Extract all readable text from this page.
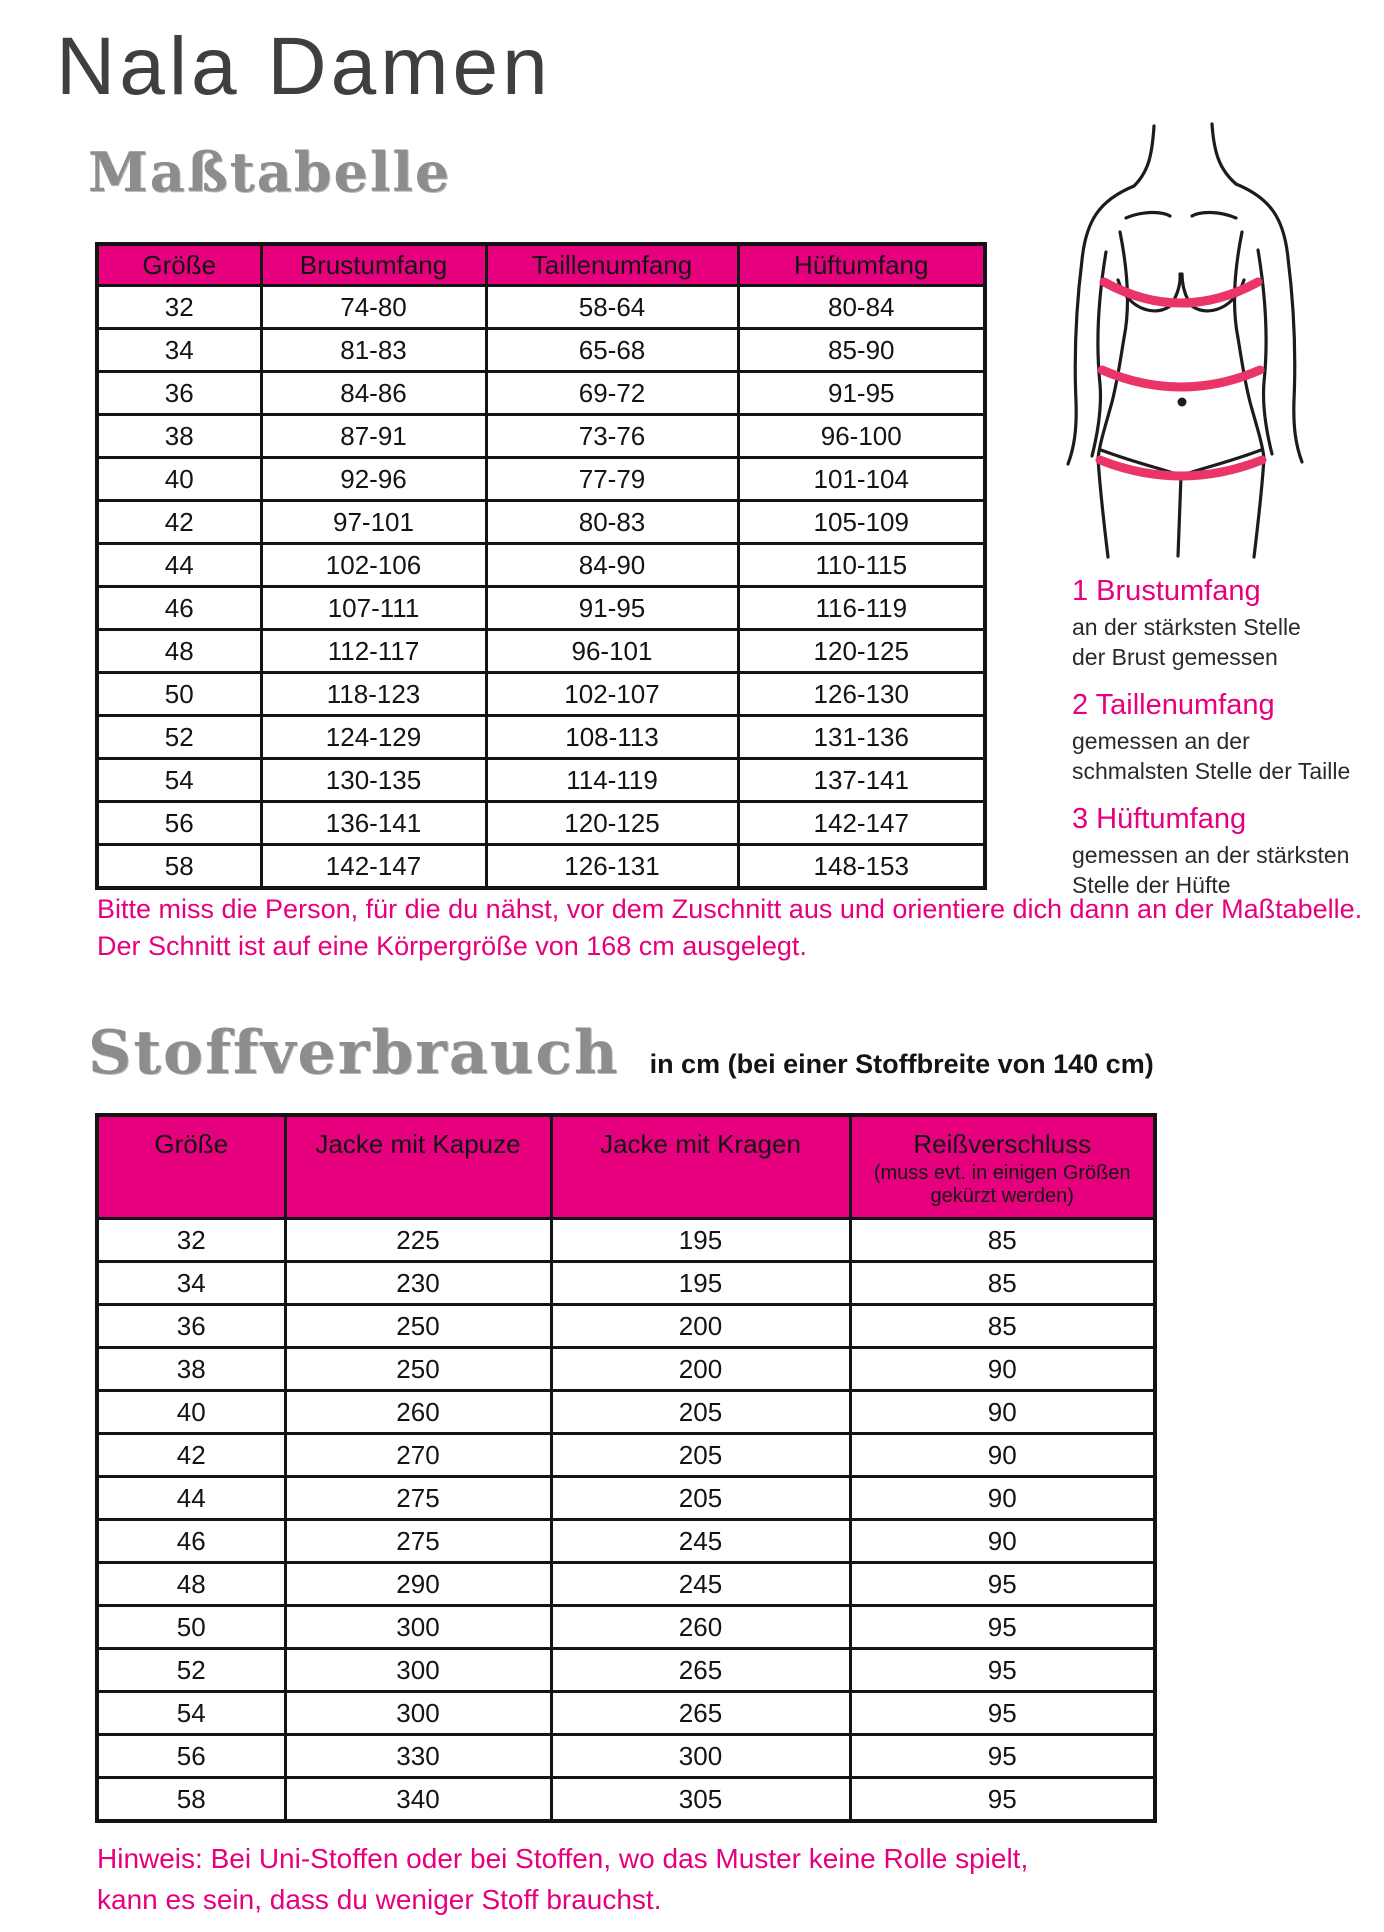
Nala Damen
Maßtabelle
Größe	Brustumfang	Taillenumfang	Hüftumfang
32	74-80	58-64	80-84
34	81-83	65-68	85-90
36	84-86	69-72	91-95
38	87-91	73-76	96-100
40	92-96	77-79	101-104
42	97-101	80-83	105-109
44	102-106	84-90	110-115
46	107-111	91-95	116-119
48	112-117	96-101	120-125
50	118-123	102-107	126-130
52	124-129	108-113	131-136
54	130-135	114-119	137-141
56	136-141	120-125	142-147
58	142-147	126-131	148-153

1 Brustumfang

an der stärksten Stelle
der Brust gemessen

2 Taillenumfang

gemessen an der
schmalsten Stelle der Taille

3 Hüftumfang

gemessen an der stärksten
Stelle der Hüfte
Bitte miss die Person, für die du nähst, vor dem Zuschnitt aus und orientiere dich dann an der Maßtabelle.
Der Schnitt ist auf eine Körpergröße von 168 cm ausgelegt.
Stoffverbrauch in cm (bei einer Stoffbreite von 140 cm)
Größe	Jacke mit Kapuze	Jacke mit Kragen	Reißverschluss
(muss evt. in einigen Größen gekürzt werden)

32	225	195	85
34	230	195	85
36	250	200	85
38	250	200	90
40	260	205	90
42	270	205	90
44	275	205	90
46	275	245	90
48	290	245	95
50	300	260	95
52	300	265	95
54	300	265	95
56	330	300	95
58	340	305	95
Hinweis: Bei Uni-Stoffen oder bei Stoffen, wo das Muster keine Rolle spielt,
kann es sein, dass du weniger Stoff brauchst.
